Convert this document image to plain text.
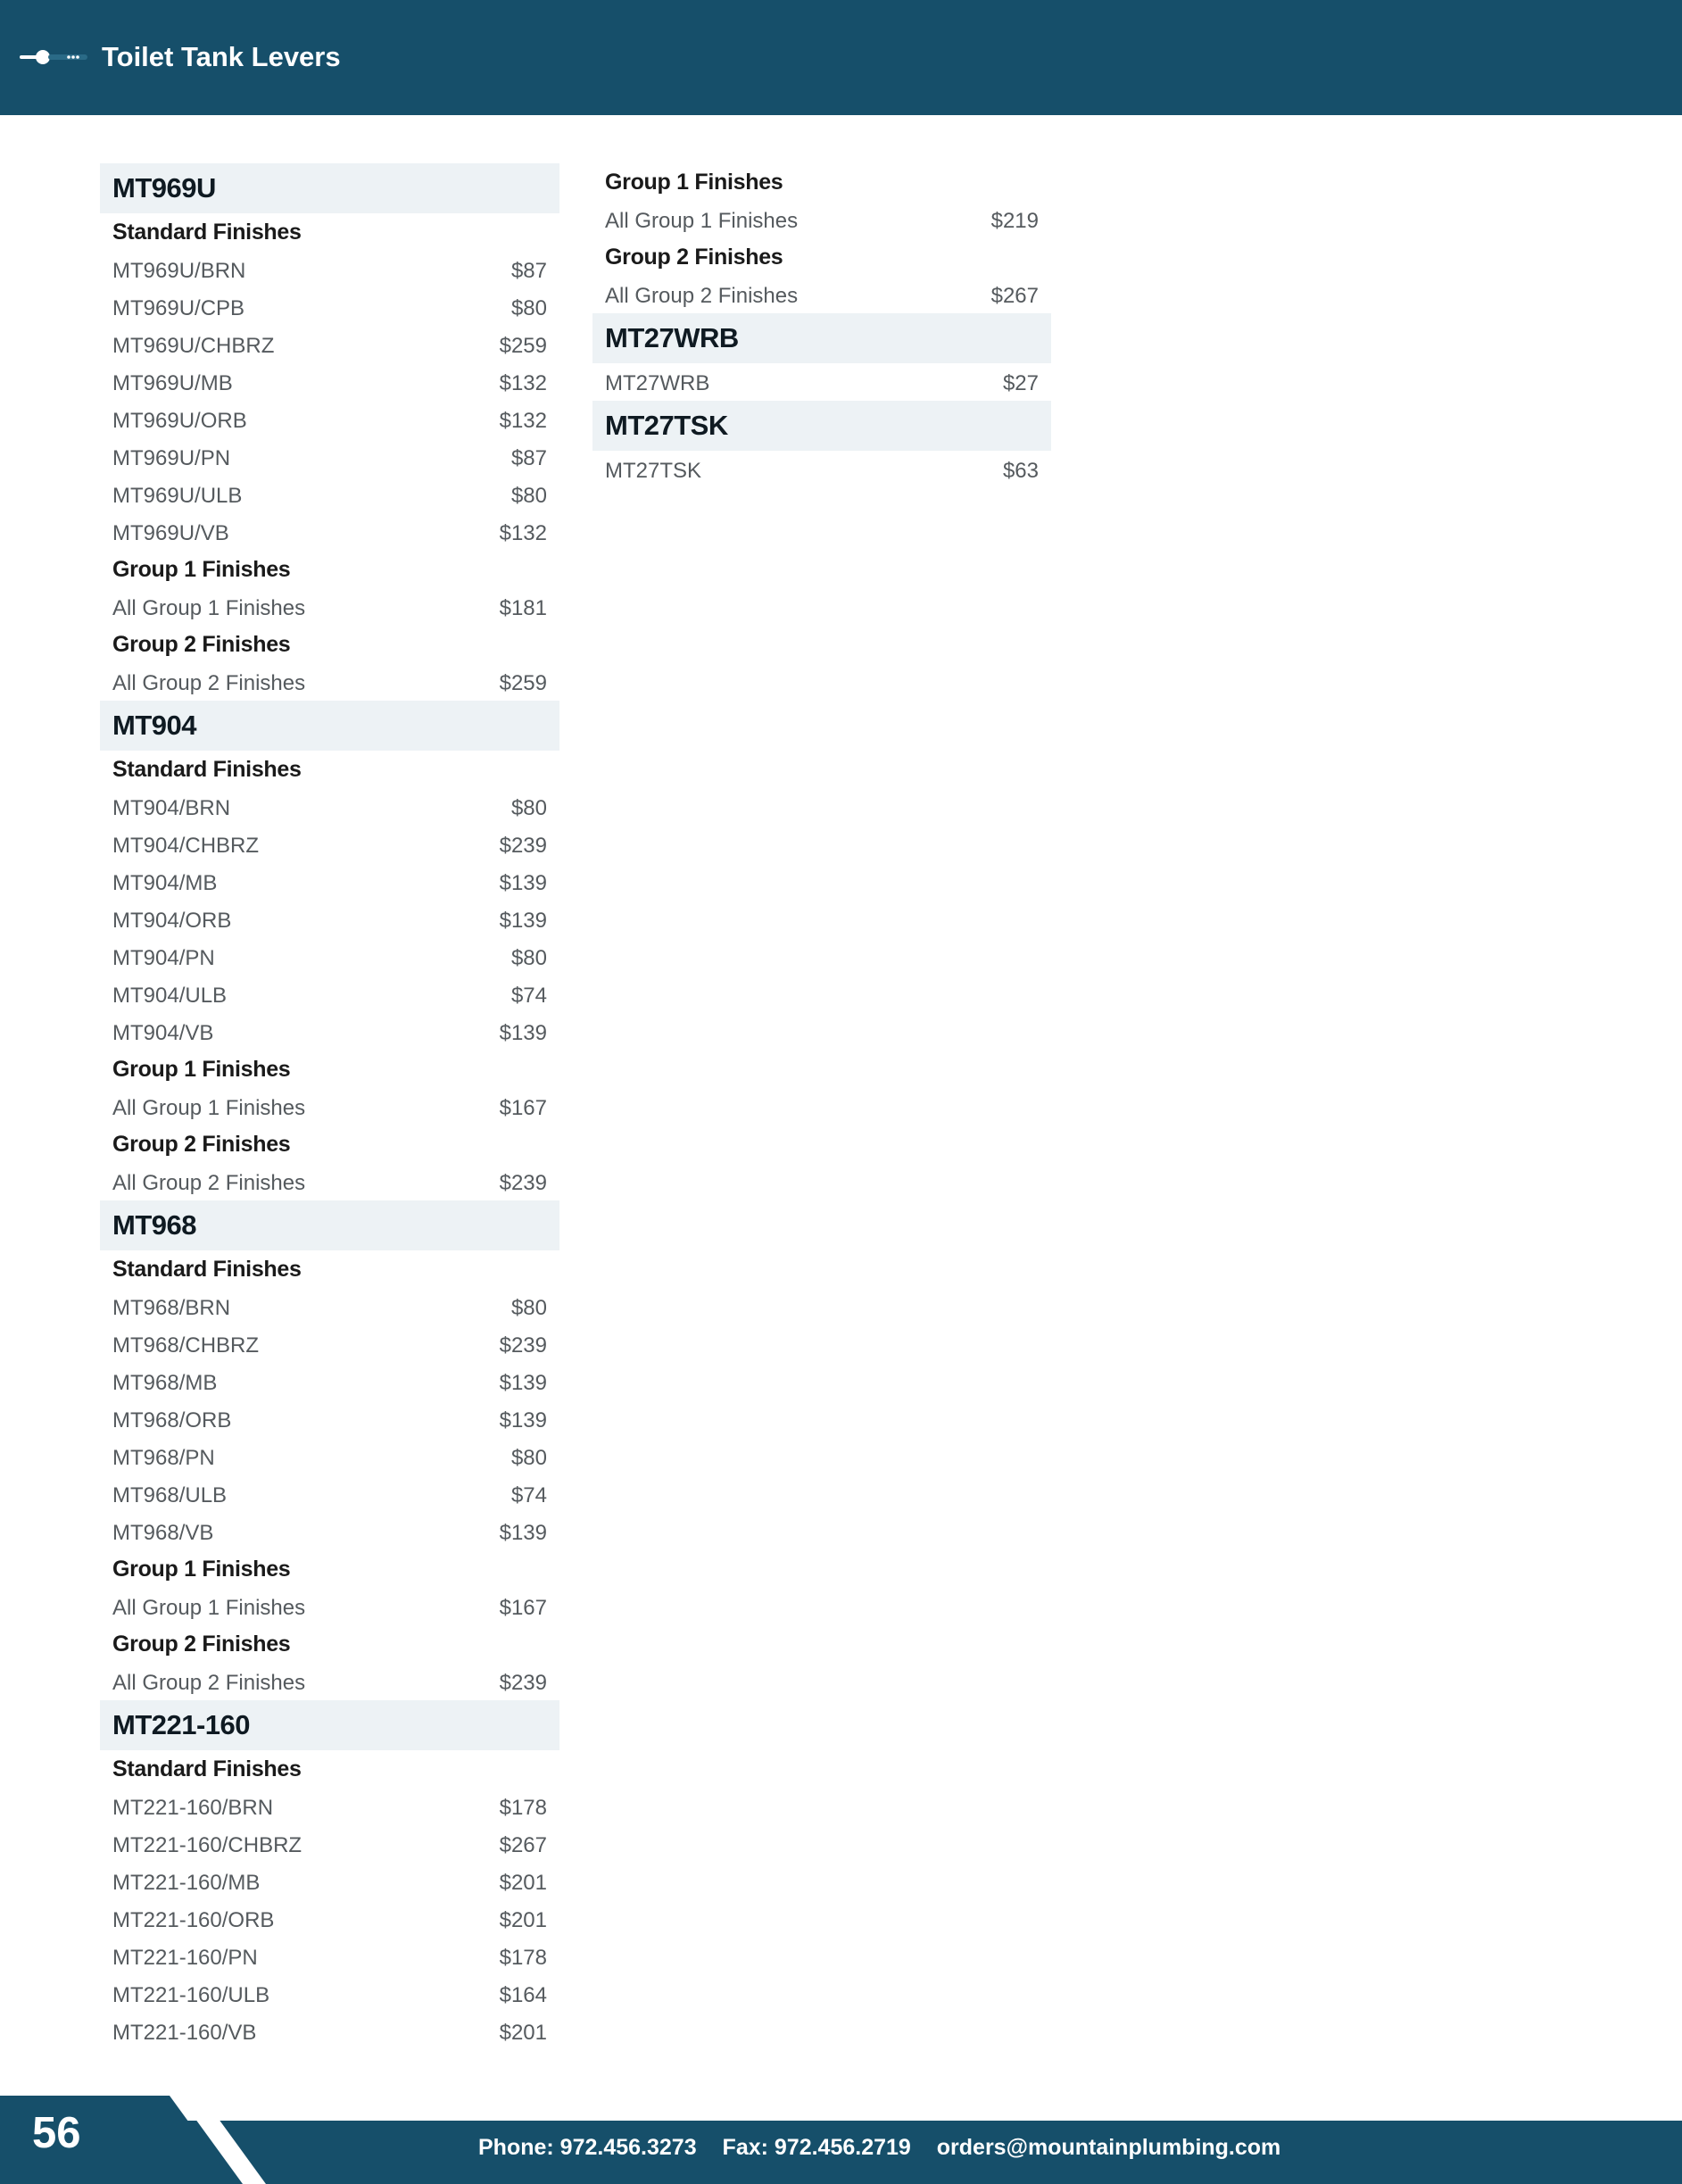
Toilet Tank Levers
MT969U
Standard Finishes
MT969U/BRN	$87
MT969U/CPB	$80
MT969U/CHBRZ	$259
MT969U/MB	$132
MT969U/ORB	$132
MT969U/PN	$87
MT969U/ULB	$80
MT969U/VB	$132
Group 1 Finishes
All Group 1 Finishes	$181
Group 2 Finishes
All Group 2 Finishes	$259
MT904
Standard Finishes
MT904/BRN	$80
MT904/CHBRZ	$239
MT904/MB	$139
MT904/ORB	$139
MT904/PN	$80
MT904/ULB	$74
MT904/VB	$139
Group 1 Finishes
All Group 1 Finishes	$167
Group 2 Finishes
All Group 2 Finishes	$239
MT968
Standard Finishes
MT968/BRN	$80
MT968/CHBRZ	$239
MT968/MB	$139
MT968/ORB	$139
MT968/PN	$80
MT968/ULB	$74
MT968/VB	$139
Group 1 Finishes
All Group 1 Finishes	$167
Group 2 Finishes
All Group 2 Finishes	$239
MT221-160
Standard Finishes
MT221-160/BRN	$178
MT221-160/CHBRZ	$267
MT221-160/MB	$201
MT221-160/ORB	$201
MT221-160/PN	$178
MT221-160/ULB	$164
MT221-160/VB	$201
Group 1 Finishes
All Group 1 Finishes	$219
Group 2 Finishes
All Group 2 Finishes	$267
MT27WRB
MT27WRB	$27
MT27TSK
MT27TSK	$63
56	Phone: 972.456.3273 Fax: 972.456.2719 orders@mountainplumbing.com
